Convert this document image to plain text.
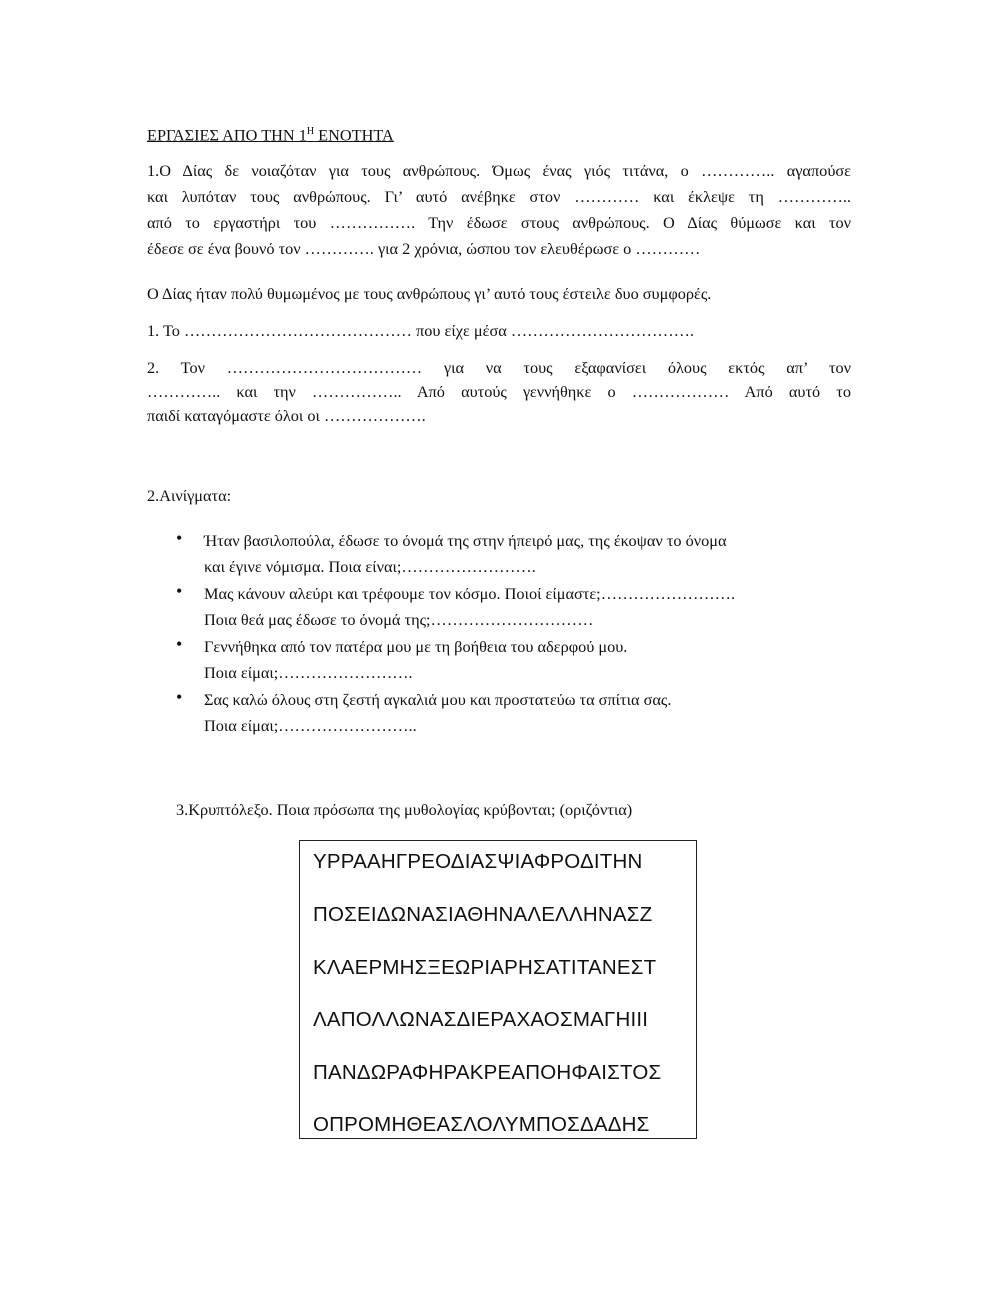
ΕΡΓΑΣΙΕΣ ΑΠΟ ΤΗΝ $1^H$ ΕΝΟΤΗΤΑ
1.Ο Δίας δε νοιαζόταν για τους ανθρώπους. Όμως ένας γιός τιτάνα, ο ………….. αγαπούσε
και λυπόταν τους ανθρώπους. Γι’ αυτό ανέβηκε στον ………… και έκλεψε τη …………..
από το εργαστήρι του ……………. Την έδωσε στους ανθρώπους. Ο Δίας θύμωσε και τον
έδεσε σε ένα βουνό τον …………. για 2 χρόνια, ώσπου τον ελευθέρωσε ο …………
Ο Δίας ήταν πολύ θυμωμένος με τους ανθρώπους γι’ αυτό τους έστειλε δυο συμφορές.
1. Το …………………………………… που είχε μέσα …………………………….
2. Τον ……………………………… για να τους εξαφανίσει όλους εκτός απ’ τον
………….. και την …………….. Από αυτούς γεννήθηκε ο ……………… Από αυτό το
παιδί καταγόμαστε όλοι οι ……………….
2.Αινίγματα:
• Ήταν βασιλοπούλα, έδωσε το όνομά της στην ήπειρό μας, της έκοψαν το όνομα
και έγινε νόμισμα. Ποια είναι;…………………….
• Μας κάνουν αλεύρι και τρέφουμε τον κόσμο. Ποιοί είμαστε;…………………….
Ποια θεά μας έδωσε το όνομά της;…………………………
• Γεννήθηκα από τον πατέρα μου με τη βοήθεια του αδερφού μου.
Ποια είμαι;…………………….
• Σας καλώ όλους στη ζεστή αγκαλιά μου και προστατεύω τα σπίτια σας.
Ποια είμαι;……………………..
3.Κρυπτόλεξο. Ποια πρόσωπα της μυθολογίας κρύβονται; (οριζόντια)
ΥΡΡΑΑΗΓΡΕΟΔΙΑΣΨΙΑΦΡΟΔΙΤΗΝ
ΠΟΣΕΙΔΩΝΑΣΙΑΘΗΝΑΛΕΛΛΗΝΑΣΖ
ΚΛΑΕΡΜΗΣΞΕΩΡΙΑΡΗΣΑΤΙΤΑΝΕΣΤ
ΛΑΠΟΛΛΩΝΑΣΔΙΕΡΑΧΑΟΣΜΑΓΗΙΙΙ
ΠΑΝΔΩΡΑΦΗΡΑΚΡΕΑΠΟΗΦΑΙΣΤΟΣ
ΟΠΡΟΜΗΘΕΑΣΛΟΛΥΜΠΟΣΔΑΔΗΣ
